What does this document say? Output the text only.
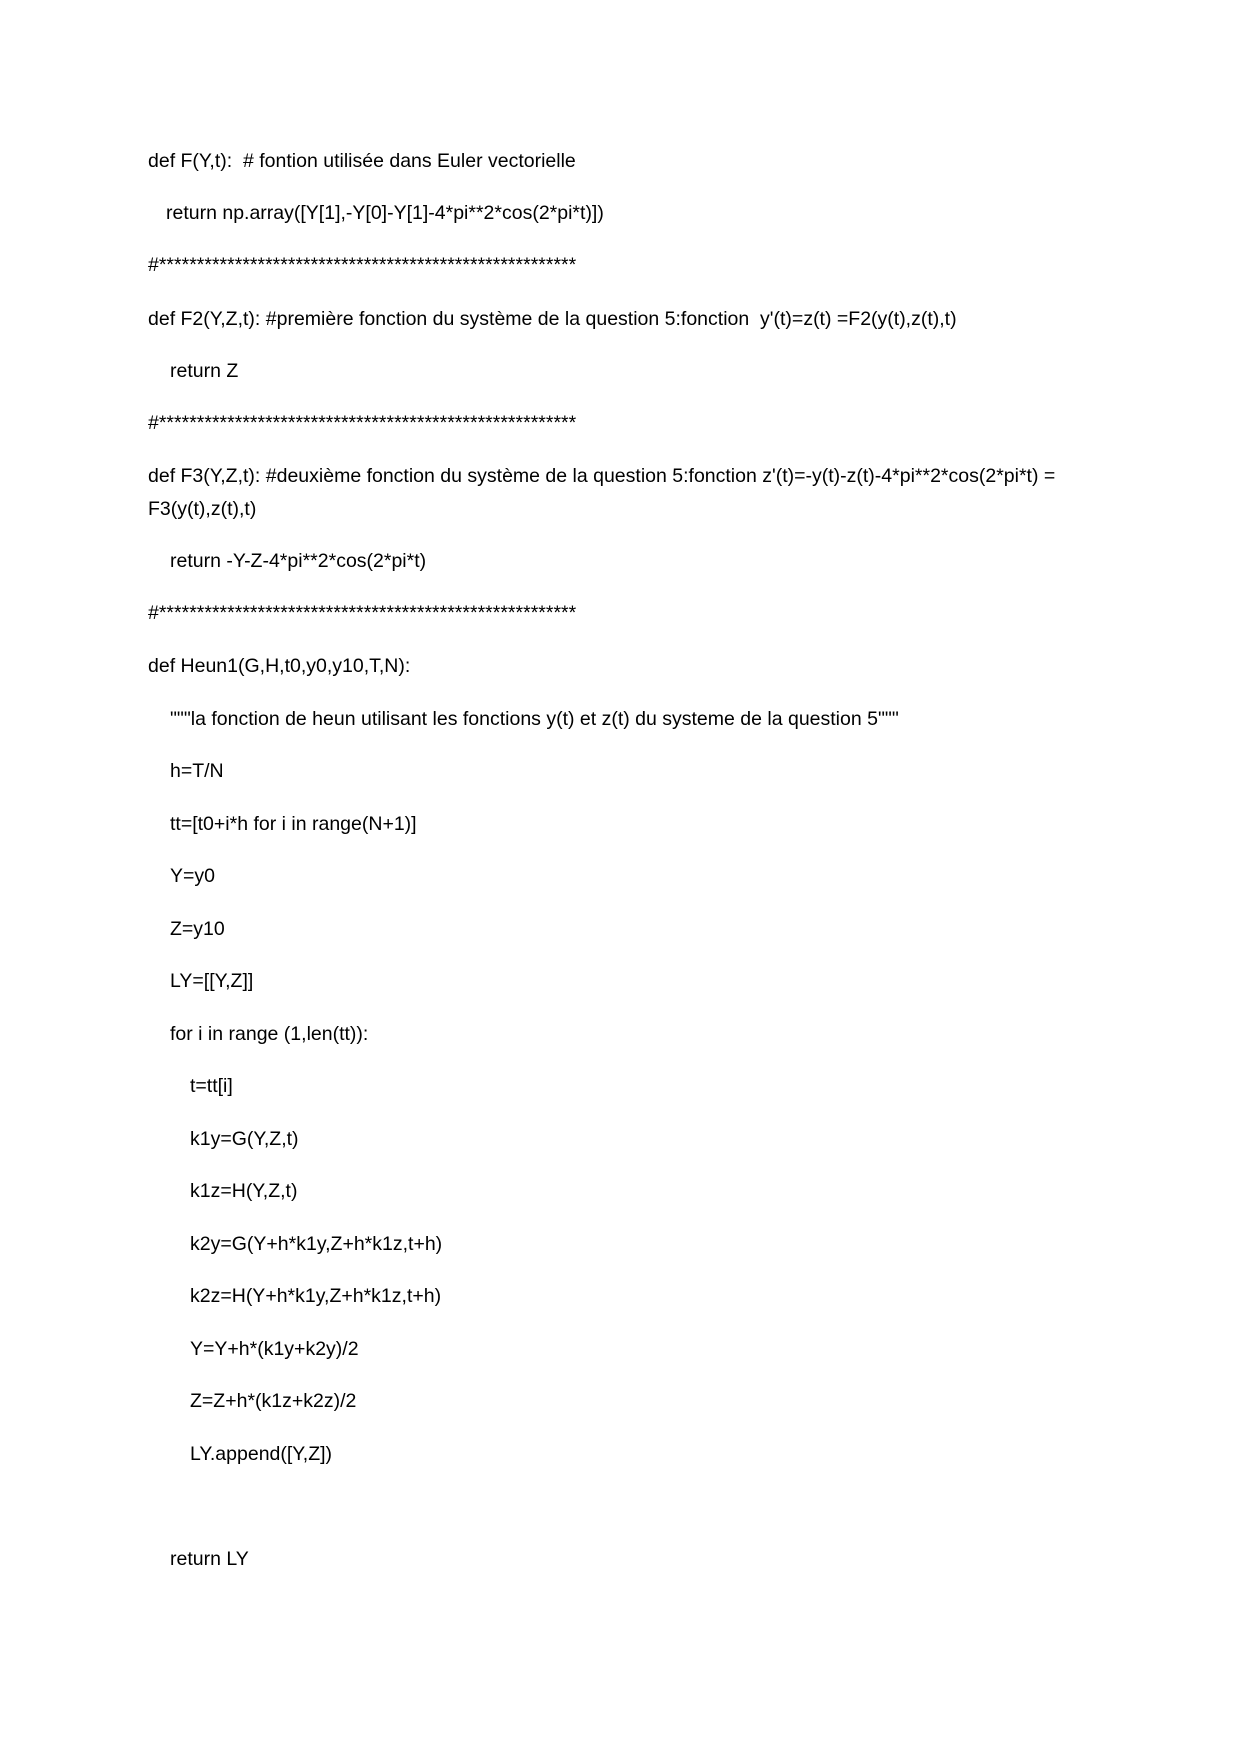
def F(Y,t):  # fontion utilisée dans Euler vectorielle
return np.array([Y[1],-Y[0]-Y[1]-4*pi**2*cos(2*pi*t)])
#*******************************************************
def F2(Y,Z,t): #première fonction du système de la question 5:fonction  y'(t)=z(t) =F2(y(t),z(t),t)
return Z
#*******************************************************
def F3(Y,Z,t): #deuxième fonction du système de la question 5:fonction z'(t)=-y(t)-z(t)-4*pi**2*cos(2*pi*t) = F3(y(t),z(t),t)
return -Y-Z-4*pi**2*cos(2*pi*t)
#*******************************************************
def Heun1(G,H,t0,y0,y10,T,N):
"""la fonction de heun utilisant les fonctions y(t) et z(t) du systeme de la question 5"""
h=T/N
tt=[t0+i*h for i in range(N+1)]
Y=y0
Z=y10
LY=[[Y,Z]]
for i in range (1,len(tt)):
t=tt[i]
k1y=G(Y,Z,t)
k1z=H(Y,Z,t)
k2y=G(Y+h*k1y,Z+h*k1z,t+h)
k2z=H(Y+h*k1y,Z+h*k1z,t+h)
Y=Y+h*(k1y+k2y)/2
Z=Z+h*(k1z+k2z)/2
LY.append([Y,Z])
return LY
